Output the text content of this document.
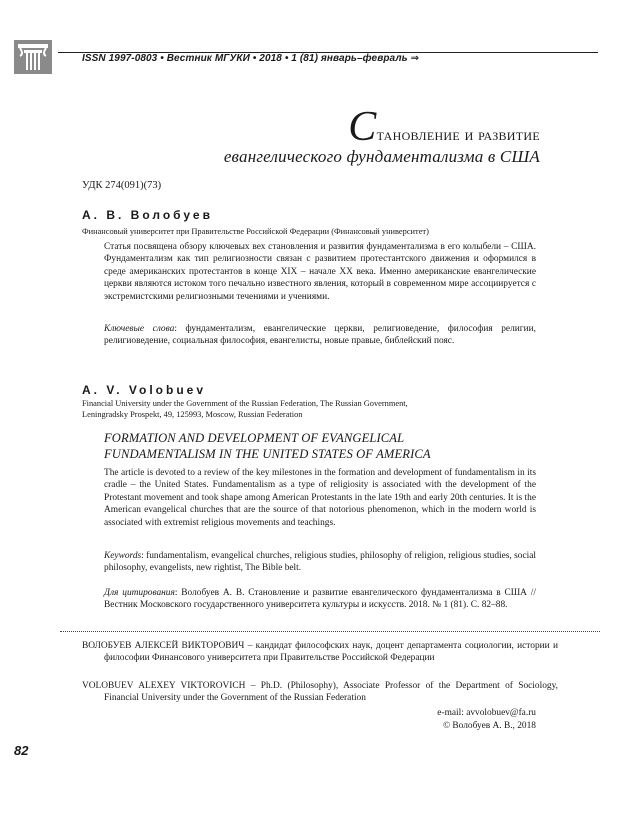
ISSN 1997-0803 • Вестник МГУКИ • 2018 • 1 (81) январь–февраль ⇒
Становление и развитие
евангелического фундаментализма в США
УДК 274(091)(73)
А. В. Волобуев
Финансовый университет при Правительстве Российской Федерации (Финансовый университет)
Статья посвящена обзору ключевых вех становления и развития фундаментализма в его колыбели – США. Фундаментализм как тип религиозности связан с развитием протестантского движения и оформился в среде американских протестантов в конце XIX – начале XX века. Именно американские евангелические церкви являются истоком того печально известного явления, который в современном мире ассоциируется с экстремистскими религиозными течениями и учениями.
Ключевые слова: фундаментализм, евангелические церкви, религиоведение, философия религии, религиоведение, социальная философия, евангелисты, новые правые, библейский пояс.
A. V. Volobuev
Financial University under the Government of the Russian Federation, The Russian Government,
Leningradsky Prospekt, 49, 125993, Moscow, Russian Federation
FORMATION AND DEVELOPMENT OF EVANGELICAL
FUNDAMENTALISM IN THE UNITED STATES OF AMERICA
The article is devoted to a review of the key milestones in the formation and development of fundamentalism in its cradle – the United States. Fundamentalism as a type of religiosity is associated with the development of the Protestant movement and took shape among American Protestants in the late 19th and early 20th centuries. It is the American evangelical churches that are the source of that notorious phenomenon, which in the modern world is associated with extremist religious movements and teachings.
Keywords: fundamentalism, evangelical churches, religious studies, philosophy of religion, religious studies, social philosophy, evangelists, new rightist, The Bible belt.
Для цитирования: Волобуев А. В. Становление и развитие евангелического фундаментализма в США // Вестник Московского государственного университета культуры и искусств. 2018. № 1 (81). С. 82–88.
ВОЛОБУЕВ АЛЕКСЕЙ ВИКТОРОВИЧ – кандидат философских наук, доцент департамента социологии, истории и философии Финансового университета при Правительстве Российской Федерации
VOLOBUEV ALEXEY VIKTOROVICH – Ph.D. (Philosophy), Associate Professor of the Department of Sociology, Financial University under the Government of the Russian Federation
e-mail: avvolobuev@fa.ru
© Волобуев А. В., 2018
82
